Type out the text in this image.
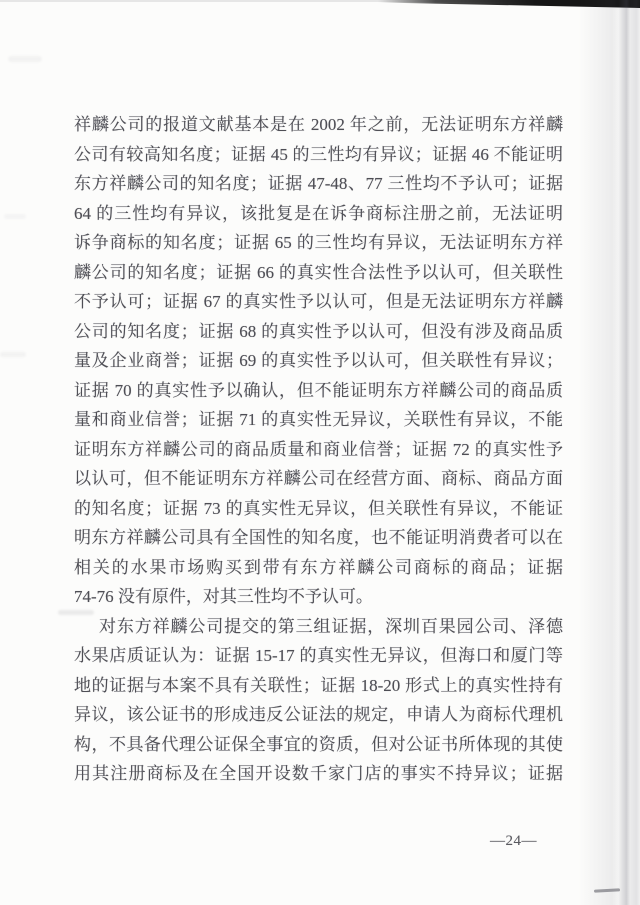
祥麟公司的报道文献基本是在 2002 年之前，无法证明东方祥麟
公司有较高知名度；证据 45 的三性均有异议；证据 46 不能证明
东方祥麟公司的知名度；证据 47-48、77 三性均不予认可；证据
64 的三性均有异议，该批复是在诉争商标注册之前，无法证明
诉争商标的知名度；证据 65 的三性均有异议，无法证明东方祥
麟公司的知名度；证据 66 的真实性合法性予以认可，但关联性
不予认可；证据 67 的真实性予以认可，但是无法证明东方祥麟
公司的知名度；证据 68 的真实性予以认可，但没有涉及商品质
量及企业商誉；证据 69 的真实性予以认可，但关联性有异议；
证据 70 的真实性予以确认，但不能证明东方祥麟公司的商品质
量和商业信誉；证据 71 的真实性无异议，关联性有异议，不能
证明东方祥麟公司的商品质量和商业信誉；证据 72 的真实性予
以认可，但不能证明东方祥麟公司在经营方面、商标、商品方面
的知名度；证据 73 的真实性无异议，但关联性有异议，不能证
明东方祥麟公司具有全国性的知名度，也不能证明消费者可以在
相关的水果市场购买到带有东方祥麟公司商标的商品；证据
74-76 没有原件，对其三性均不予认可。

对东方祥麟公司提交的第三组证据，深圳百果园公司、泽德
水果店质证认为：证据 15-17 的真实性无异议，但海口和厦门等
地的证据与本案不具有关联性；证据 18-20 形式上的真实性持有
异议，该公证书的形成违反公证法的规定，申请人为商标代理机
构，不具备代理公证保全事宜的资质，但对公证书所体现的其使
用其注册商标及在全国开设数千家门店的事实不持异议；证据

—24—
